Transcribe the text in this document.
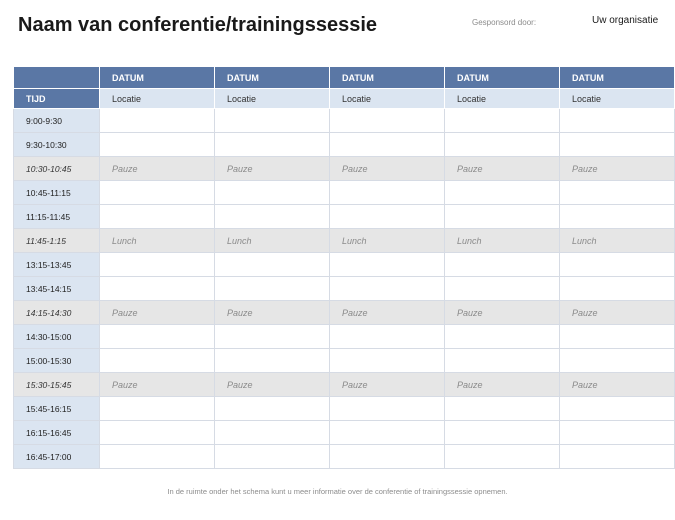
Naam van conferentie/trainingssessie	Gesponsord door:	Uw organisatie
	DATUM	DATUM	DATUM	DATUM	DATUM
TIJD	Locatie	Locatie	Locatie	Locatie	Locatie
9:00-9:30					
9:30-10:30					
10:30-10:45	Pauze	Pauze	Pauze	Pauze	Pauze
10:45-11:15					
11:15-11:45					
11:45-1:15	Lunch	Lunch	Lunch	Lunch	Lunch
13:15-13:45					
13:45-14:15					
14:15-14:30	Pauze	Pauze	Pauze	Pauze	Pauze
14:30-15:00					
15:00-15:30					
15:30-15:45	Pauze	Pauze	Pauze	Pauze	Pauze
15:45-16:15					
16:15-16:45					
16:45-17:00					
In de ruimte onder het schema kunt u meer informatie over de conferentie of trainingssessie opnemen.
